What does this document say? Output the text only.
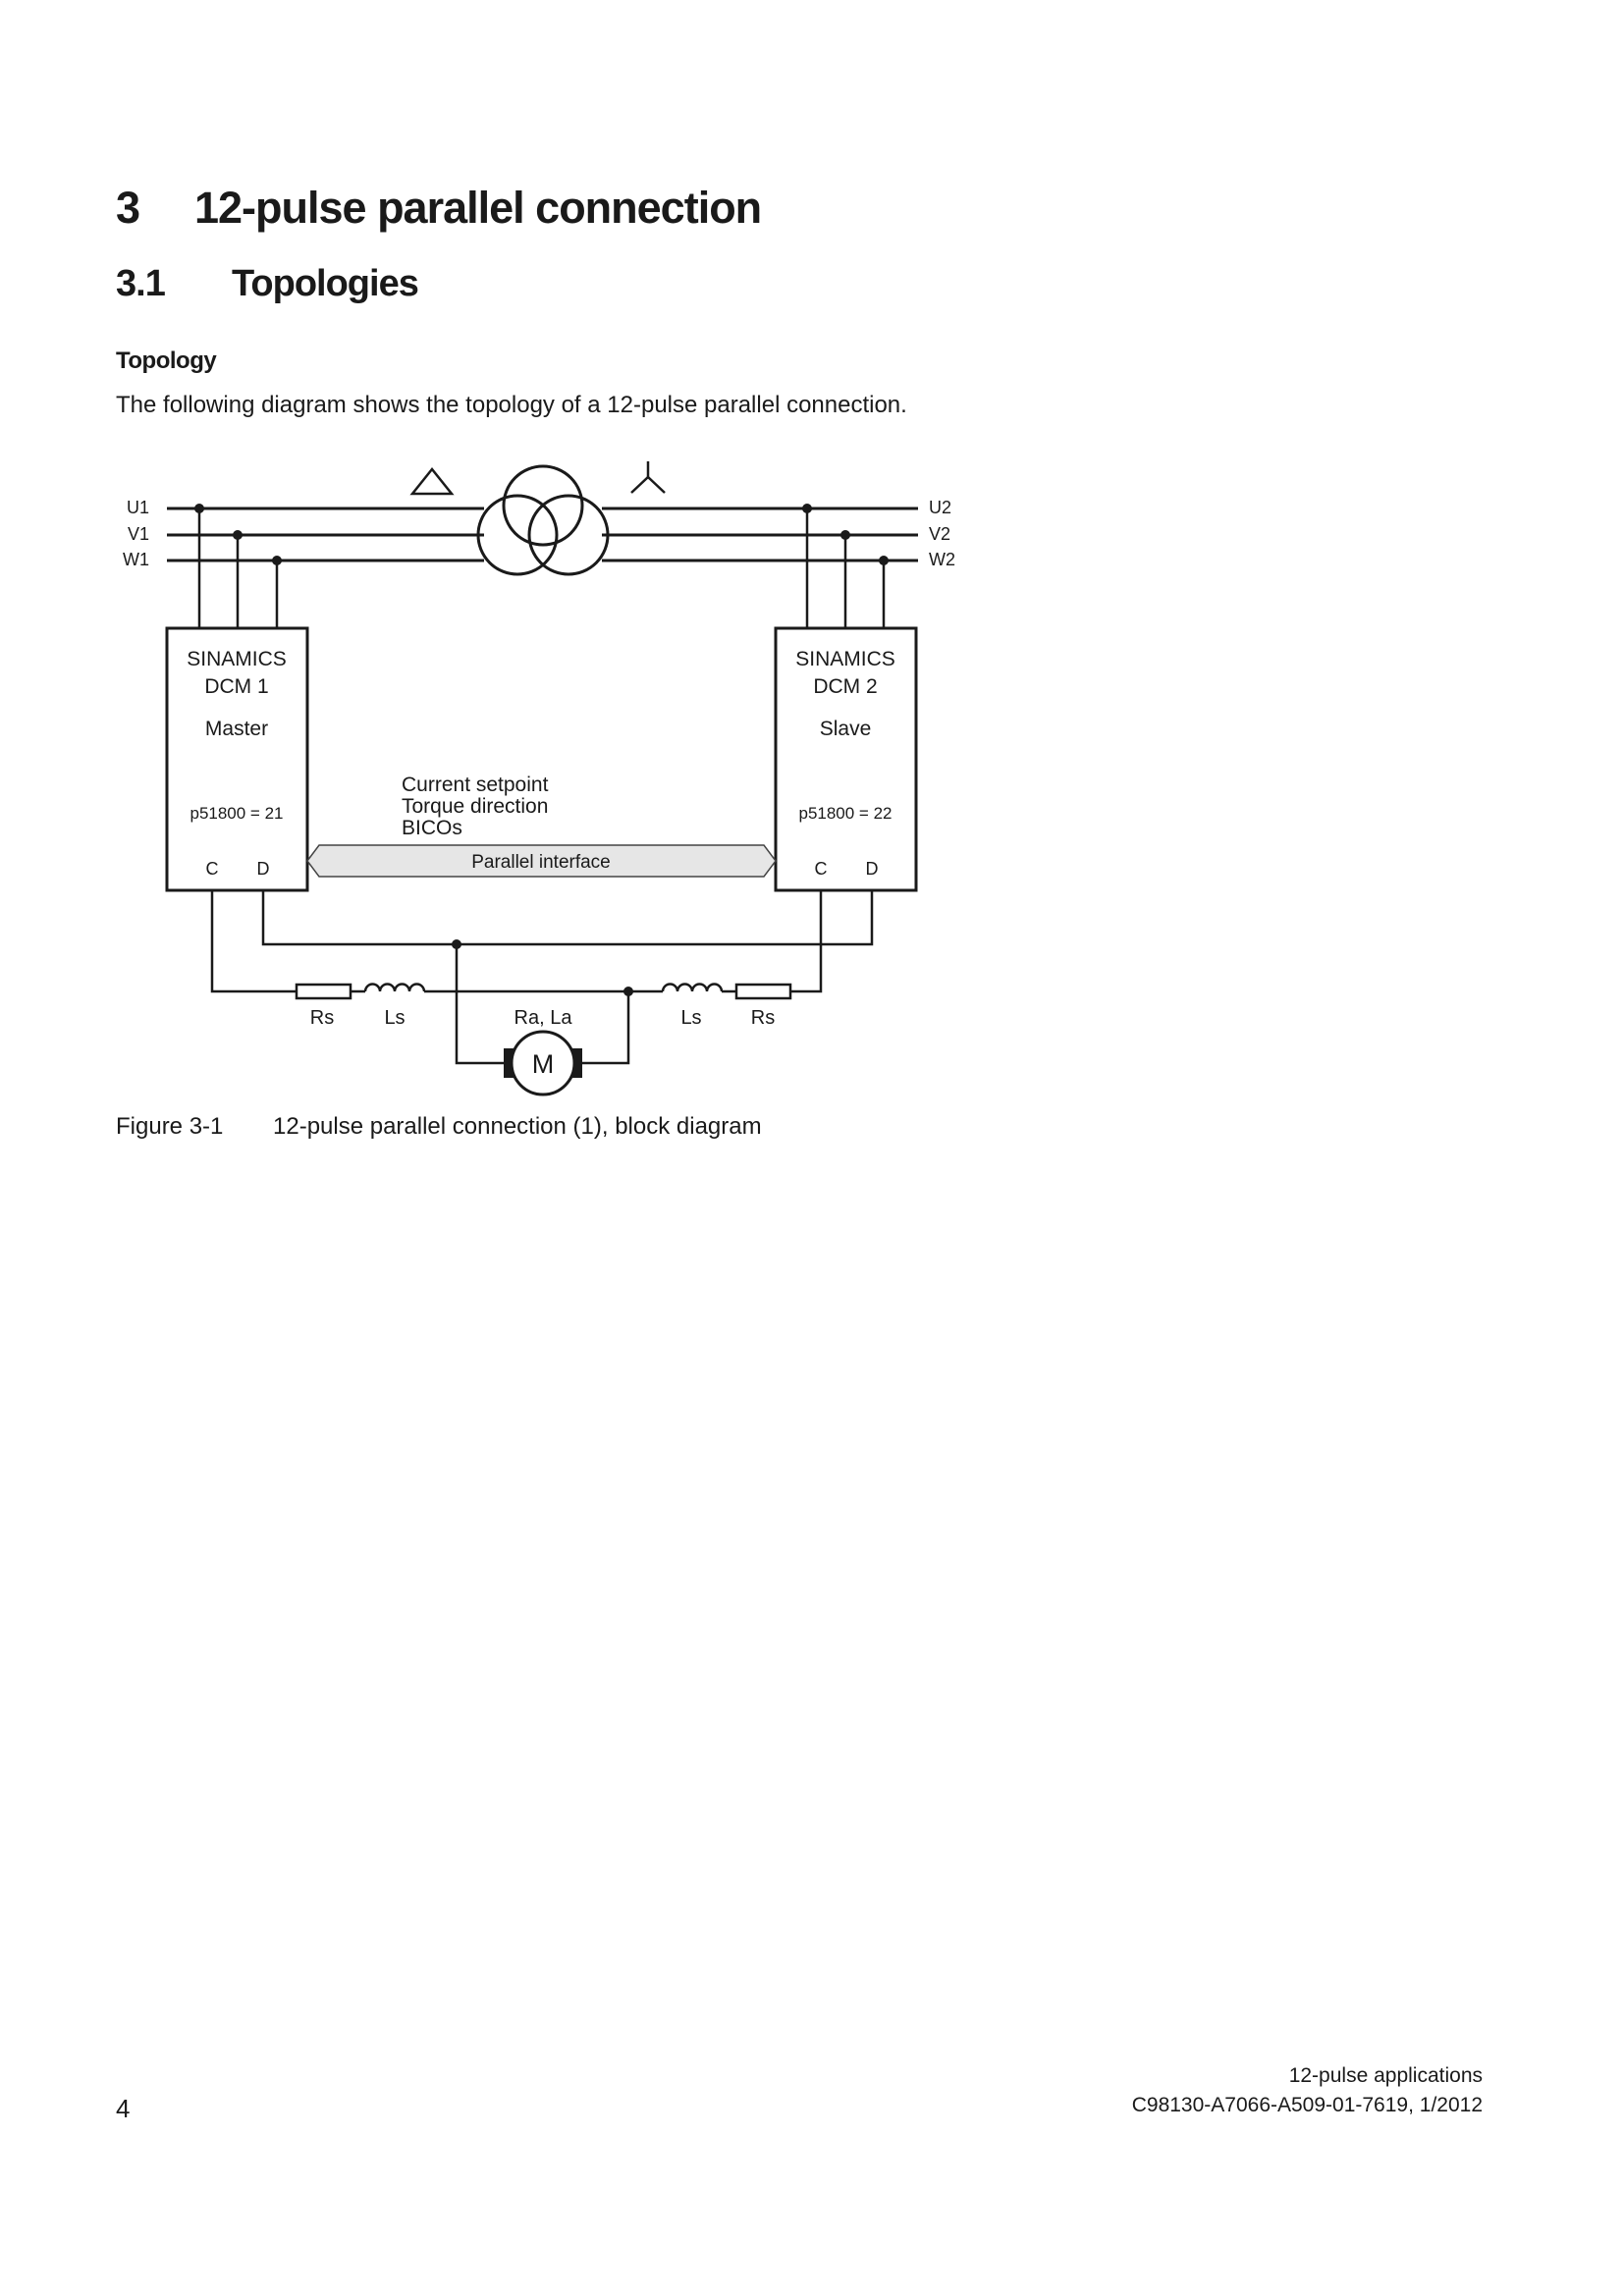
3 12-pulse parallel connection
3.1 Topologies
Topology
The following diagram shows the topology of a 12-pulse parallel connection.
U1
V1
W1
U2
V2
W2
SINAMICS
DCM 1
Master
p51800 = 21
C D
SINAMICS
DCM 2
Slave
p51800 = 22
C D
Current setpoint
Torque direction
BICOs
Parallel interface
Rs	Ls	Ra, La	Ls	Rs
M
Figure 3-1 12-pulse parallel connection (1), block diagram
4
12-pulse applications
C98130-A7066-A509-01-7619, 1/2012
